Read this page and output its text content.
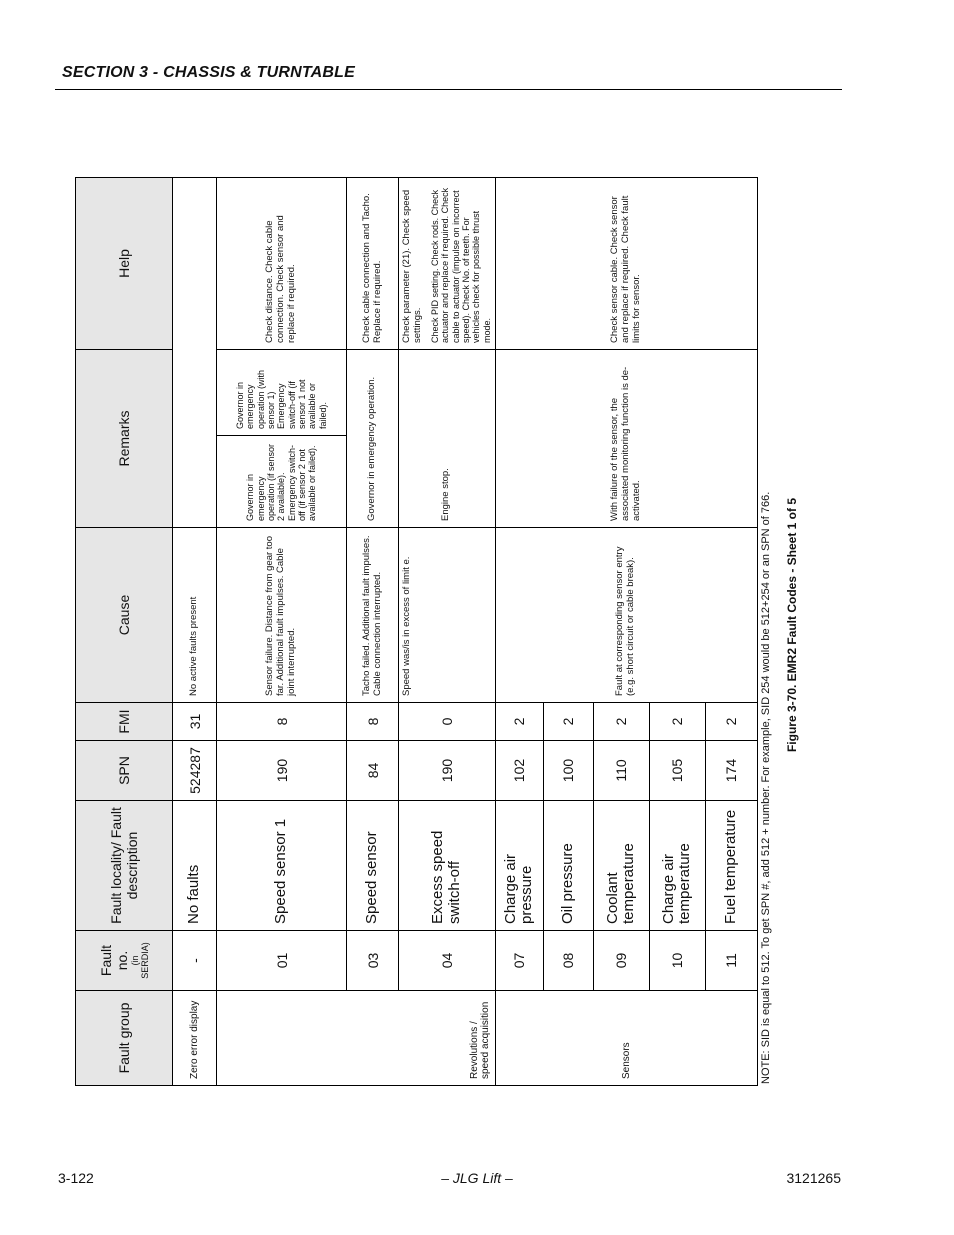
SECTION 3 - CHASSIS & TURNTABLE
Fault group	Fault no. (in SERDIA)	Fault locality/ Fault description	SPN	FMI	Cause	Remarks		Help
Zero error display	-	No faults	524287	31	No active faults present			
Revolutions / speed acquisition	01	Speed sensor 1	190	8	Sensor failure. Distance from gear too far. Additional fault impulses. Cable joint interrupted.	Governor in emergency operation (if sensor 2 available). Emergency switch-off (if sensor 2 not available or failed).	Governor in emergency operation (with sensor 1) Emergency switch-off (if sensor 1 not available or failed).	Check distance. Check cable connection. Check sensor and replace if required.
	03	Speed sensor	84	8	Tacho failed. Additional fault impulses. Cable connection interrupted.	Governor in emergency operation.		Check cable connection and Tacho. Replace if required.
	04	Excess speed switch-off	190	0	Speed was/is in excess of limit e.	Engine stop.		Check parameter (21). Check speed settings. Check PID setting. Check rods. Check actuator and replace if required. Check cable to actuator (impulse on incorrect speed). Check No. of teeth. For vehicles check for possible thrust mode.

Sensors	07	Charge air pressure	102	2	Fault at corresponding sensor entry (e.g. short circuit or cable break).	With failure of the sensor, the associated monitoring function is de-activated.		Check sensor cable. Check sensor and replace if required. Check fault limits for sensor.
	08	Oil pressure	100	2				
	09	Coolant temperature	110	2				
	10	Charge air temperature	105	2				
	11	Fuel temperature	174	2				NOTE: SID is equal to 512. To get SPN #, add 512 + number. For example, SID 254 would be 512+254 or an SPN of 766. Figure 3-70. EMR2 Fault Codes - Sheet 1 of 5
3-122	– JLG Lift –	3121265
